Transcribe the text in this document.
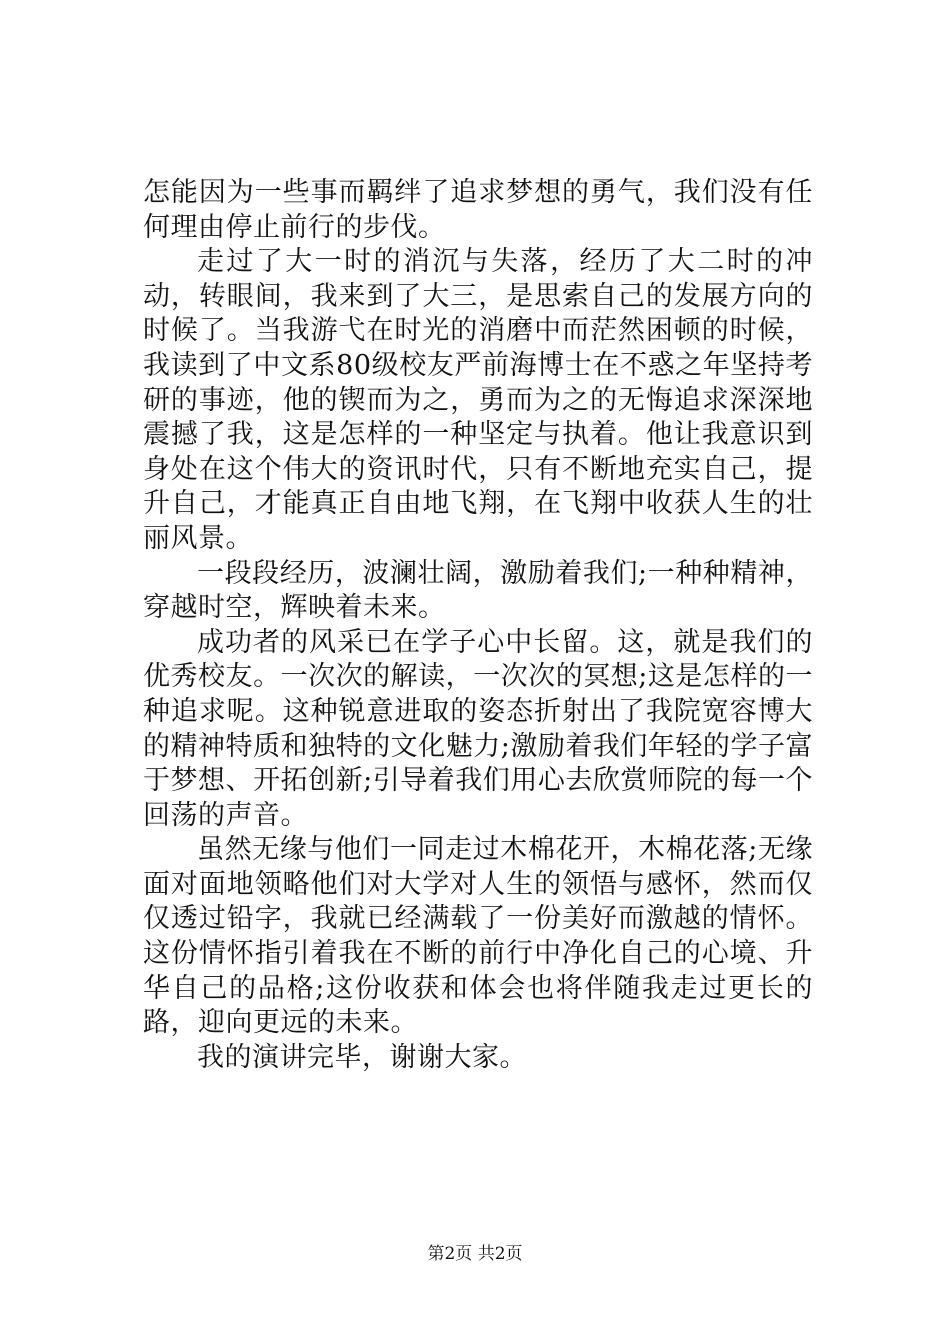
怎能因为一些事而羁绊了追求梦想的勇气，我们没有任何理由停止前行的步伐。

走过了大一时的消沉与失落，经历了大二时的冲动，转眼间，我来到了大三，是思索自己的发展方向的时候了。当我游弋在时光的消磨中而茫然困顿的时候，我读到了中文系80级校友严前海博士在不惑之年坚持考研的事迹，他的锲而为之，勇而为之的无悔追求深深地震撼了我，这是怎样的一种坚定与执着。他让我意识到身处在这个伟大的资讯时代，只有不断地充实自己，提升自己，才能真正自由地飞翔，在飞翔中收获人生的壮丽风景。

一段段经历，波澜壮阔，激励着我们;一种种精神，穿越时空，辉映着未来。

成功者的风采已在学子心中长留。这，就是我们的优秀校友。一次次的解读，一次次的冥想;这是怎样的一种追求呢。这种锐意进取的姿态折射出了我院宽容博大的精神特质和独特的文化魅力;激励着我们年轻的学子富于梦想、开拓创新;引导着我们用心去欣赏师院的每一个回荡的声音。

虽然无缘与他们一同走过木棉花开，木棉花落;无缘面对面地领略他们对大学对人生的领悟与感怀，然而仅仅透过铅字，我就已经满载了一份美好而激越的情怀。这份情怀指引着我在不断的前行中净化自己的心境、升华自己的品格;这份收获和体会也将伴随我走过更长的路，迎向更远的未来。

我的演讲完毕，谢谢大家。

第2页 共2页
